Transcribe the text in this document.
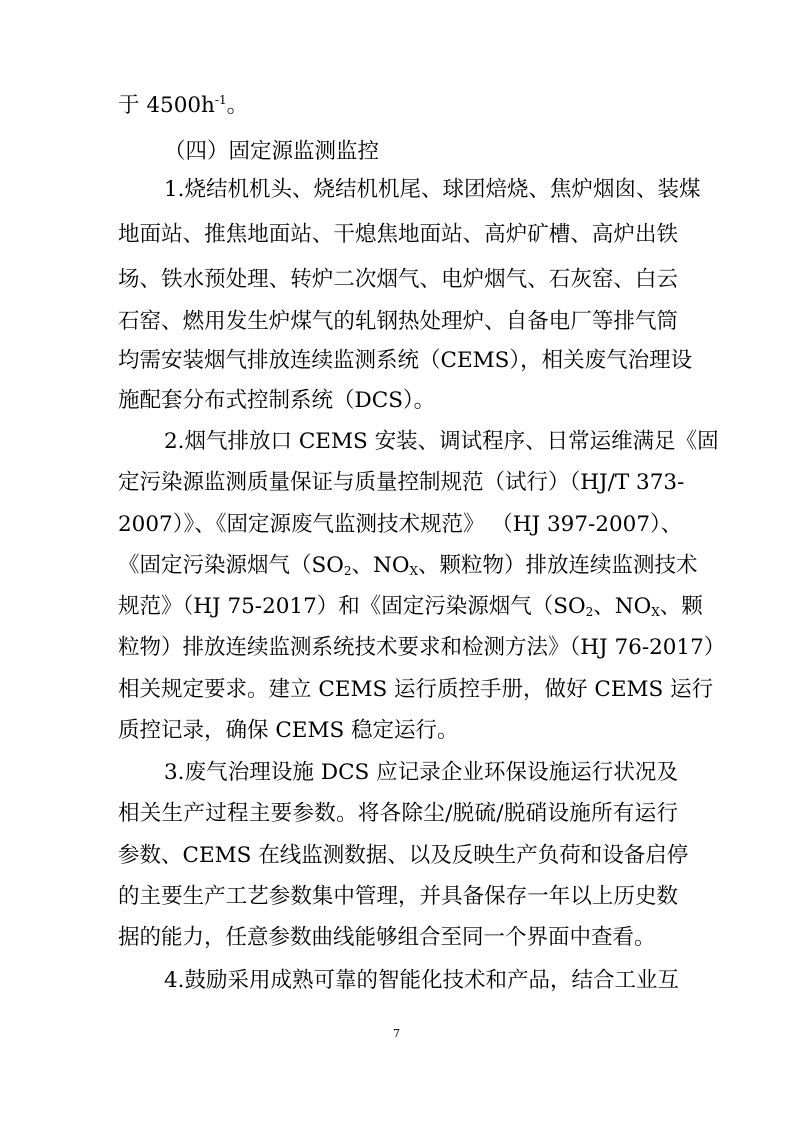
于 $4500h^{-1}$。
（四）固定源监测监控
1.烧结机机头、烧结机机尾、球团焙烧、焦炉烟囱、装煤
地面站、推焦地面站、干熄焦地面站、高炉矿槽、高炉出铁
场、铁水预处理、转炉二次烟气、电炉烟气、石灰窑、白云
石窑、燃用发生炉煤气的轧钢热处理炉、自备电厂等排气筒
均需安装烟气排放连续监测系统（CEMS），相关废气治理设
施配套分布式控制系统（DCS）。
2.烟气排放口 CEMS 安装、调试程序、日常运维满足《固
定污染源监测质量保证与质量控制规范（试行）（HJ/T 373-
2007）》、《固定源废气监测技术规范》 （HJ 397-2007）、
《固定污染源烟气（$SO_2$、$NO_X$、颗粒物）排放连续监测技术
规范》（HJ 75-2017）和《固定污染源烟气（$SO_2$、$NO_X$、颗
粒物）排放连续监测系统技术要求和检测方法》（HJ 76-2017）
相关规定要求。建立 CEMS 运行质控手册，做好 CEMS 运行
质控记录，确保 CEMS 稳定运行。
3.废气治理设施 DCS 应记录企业环保设施运行状况及
相关生产过程主要参数。将各除尘/脱硫/脱硝设施所有运行
参数、CEMS 在线监测数据、以及反映生产负荷和设备启停
的主要生产工艺参数集中管理，并具备保存一年以上历史数
据的能力，任意参数曲线能够组合至同一个界面中查看。
4.鼓励采用成熟可靠的智能化技术和产品，结合工业互
7
